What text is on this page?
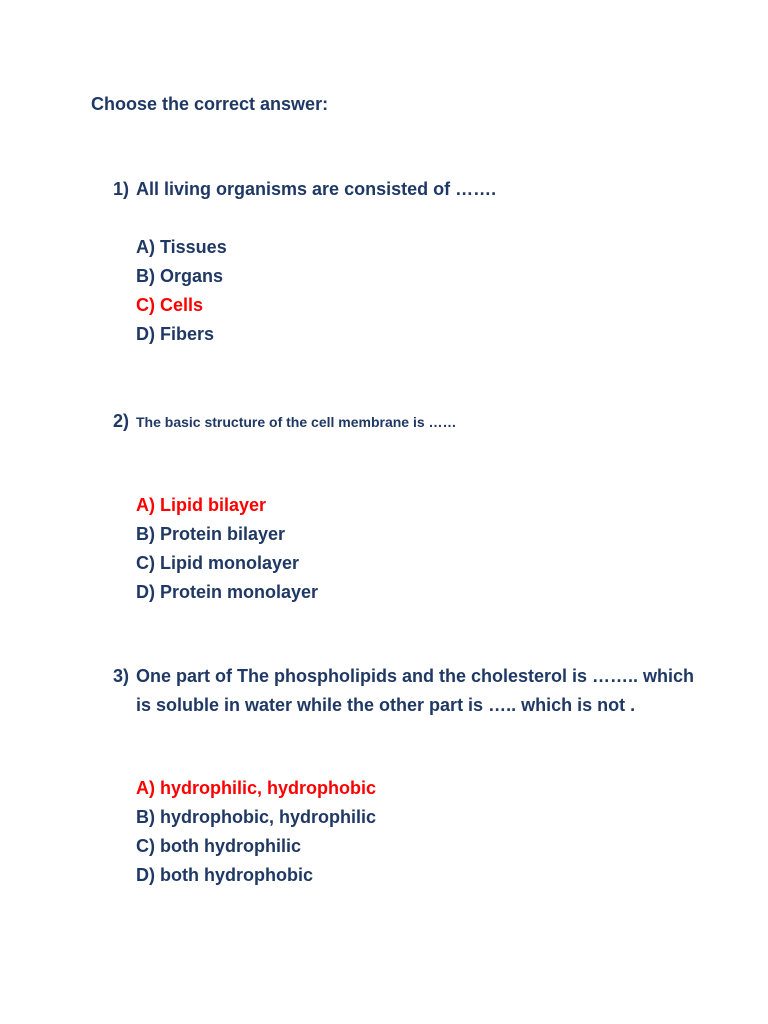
Choose the correct answer:
1) All living organisms are consisted of …….
A) Tissues
B) Organs
C) Cells
D) Fibers
2) The basic structure of the cell membrane is ……
A) Lipid bilayer
B) Protein bilayer
C) Lipid monolayer
D) Protein monolayer
3) One part of The phospholipids and the cholesterol is …….. which
is soluble in water while the other part is ….. which is not .
A) hydrophilic, hydrophobic
B) hydrophobic, hydrophilic
C) both hydrophilic
D) both hydrophobic
